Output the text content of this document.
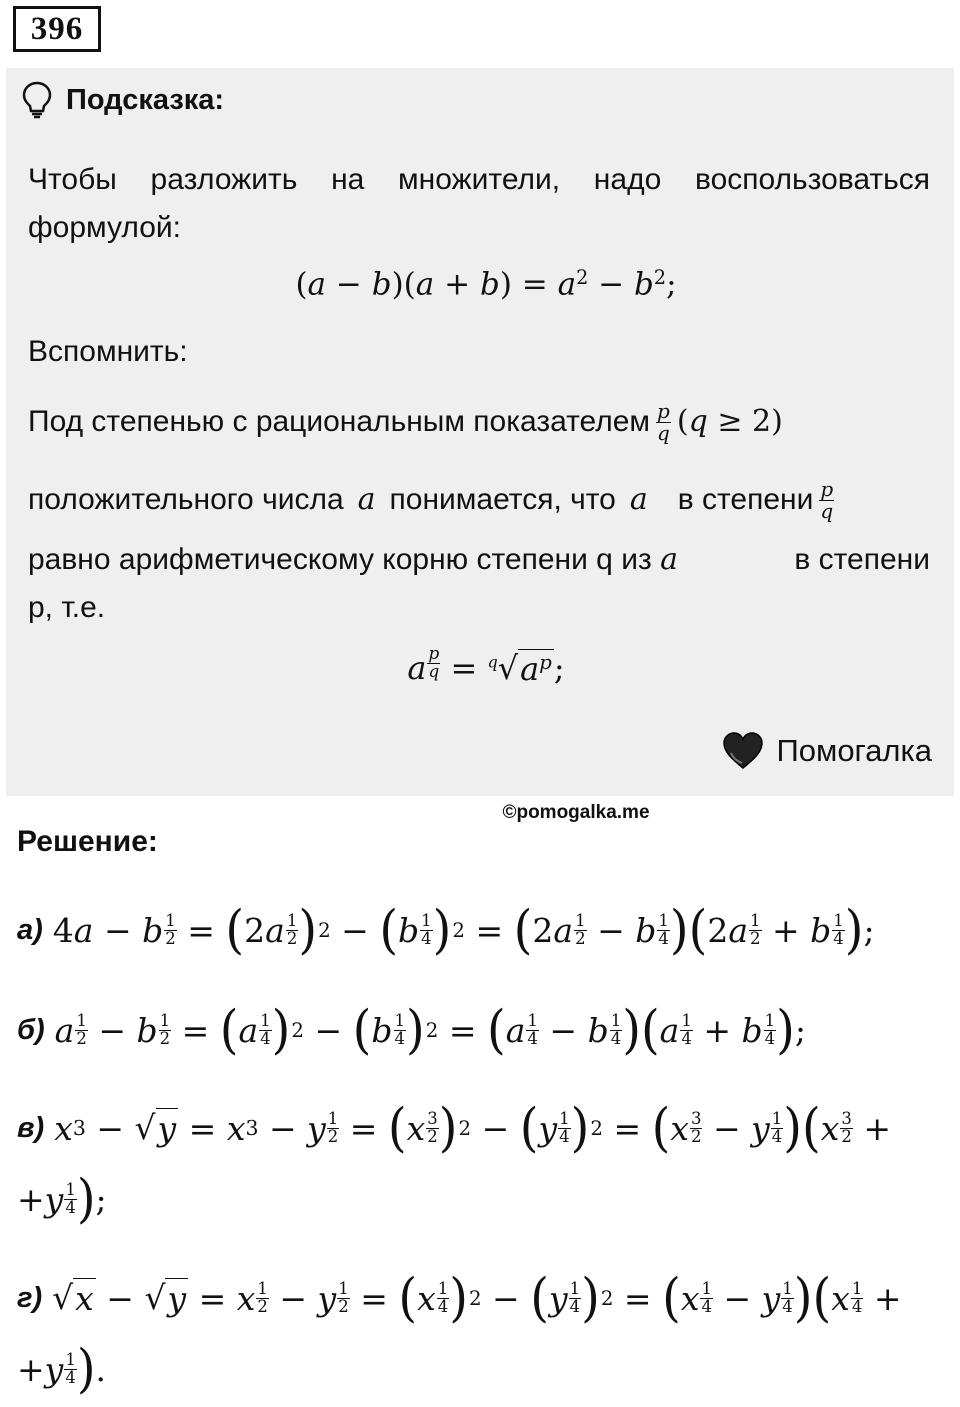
396
Подсказка:
Чтобы разложить на множители, надо воспользоваться
формулой:
$(a - b)(a + b) = a^2 - b^2$;
Вспомнить:
Под степенью с рациональным показателем $\frac{p}{q} (q \ge 2)$
положительного числа a понимается, что a в степени $\frac{p}{q}$
равно арифметическому корню степени q из a	в степени
р, т.е.
a $\frac{p}{q} = ^q$ √ $a^p$ ;
Помогалка
©pomogalka.me
Решение:
а) 4 a − b $\frac{1}{2}$
=
( 2 a 1
2 ) 2
−
( b 1
4 ) 2
=
( 2 a 1
2
− b $\frac{1}{4}$ ) ( 2 a 1
2
+ b $\frac{1}{4}$ ) ;
б) a 1
2
− b $\frac{1}{2}$
=
( a 1
4 ) 2
−
( b 1
4 ) 2
=
( a 1
4
− b $\frac{1}{4}$ ) ( a 1
4
+ b $\frac{1}{4}$ ) ;
в) x 3
−
√ y
= x 3
− y $\frac{1}{2}$
=
( x 3
2 ) 2
−
( y 1
4 ) 2
=
( x 3
2
− y $\frac{1}{4}$ ) ( x 3
2
+
+ y $\frac{1}{4}$ ) ;
г) √ x
−
√ y
= x $\frac{1}{2}$
− y $\frac{1}{2}$
=
( x 1
4 ) 2
−
( y 1
4 ) 2
=
( x 1
4
− y $\frac{1}{4}$ ) ( x 1
4
+
+ y $\frac{1}{4}$ ) .
